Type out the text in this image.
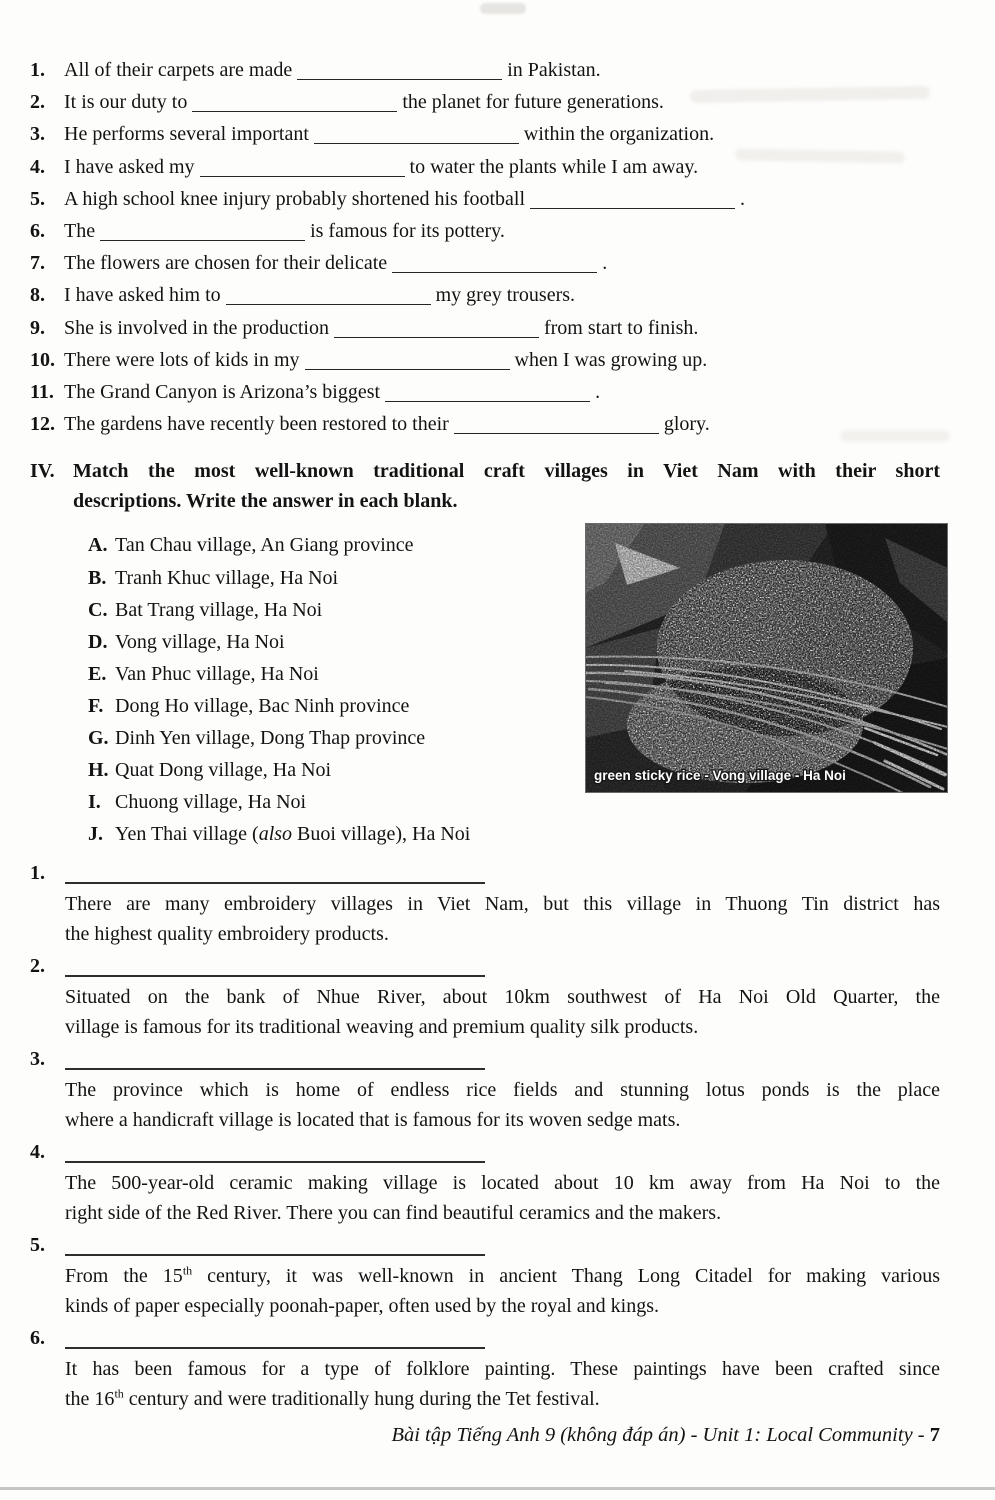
1. All of their carpets are made	in Pakistan.
2. It is our duty to	the planet for future generations.
3. He performs several important	within the organization.
4. I have asked my	to water the plants while I am away.
5. A high school knee injury probably shortened his football	.
6. The	is famous for its pottery.
7. The flowers are chosen for their delicate	.
8. I have asked him to	my grey trousers.
9. She is involved in the production	from start to finish.
10. There were lots of kids in my	when I was growing up.
11. The Grand Canyon is Arizona’s biggest	.
12. The gardens have recently been restored to their	glory.
IV. Match the most well-known traditional craft villages in Viet Nam with their short
descriptions. Write the answer in each blank.
A. Tan Chau village, An Giang province
B. Tranh Khuc village, Ha Noi
C. Bat Trang village, Ha Noi
D. Vong village, Ha Noi
E. Van Phuc village, Ha Noi
F. Dong Ho village, Bac Ninh province
G. Dinh Yen village, Dong Thap province
H. Quat Dong village, Ha Noi
I. Chuong village, Ha Noi
J. Yen Thai village (also Buoi village), Ha Noi
green sticky rice - Vong village - Ha Noi
1.
There are many embroidery villages in Viet Nam, but this village in Thuong Tin district has
the highest quality embroidery products.
2.
Situated on the bank of Nhue River, about 10km southwest of Ha Noi Old Quarter, the
village is famous for its traditional weaving and premium quality silk products.
3.
The province which is home of endless rice fields and stunning lotus ponds is the place
where a handicraft village is located that is famous for its woven sedge mats.
4.
The 500-year-old ceramic making village is located about 10 km away from Ha Noi to the
right side of the Red River. There you can find beautiful ceramics and the makers.
5.
From the 15th century, it was well-known in ancient Thang Long Citadel for making various
kinds of paper especially poonah-paper, often used by the royal and kings.
6.
It has been famous for a type of folklore painting. These paintings have been crafted since
the 16th century and were traditionally hung during the Tet festival.
Bài tập Tiếng Anh 9 (không đáp án) - Unit 1: Local Community - 7
